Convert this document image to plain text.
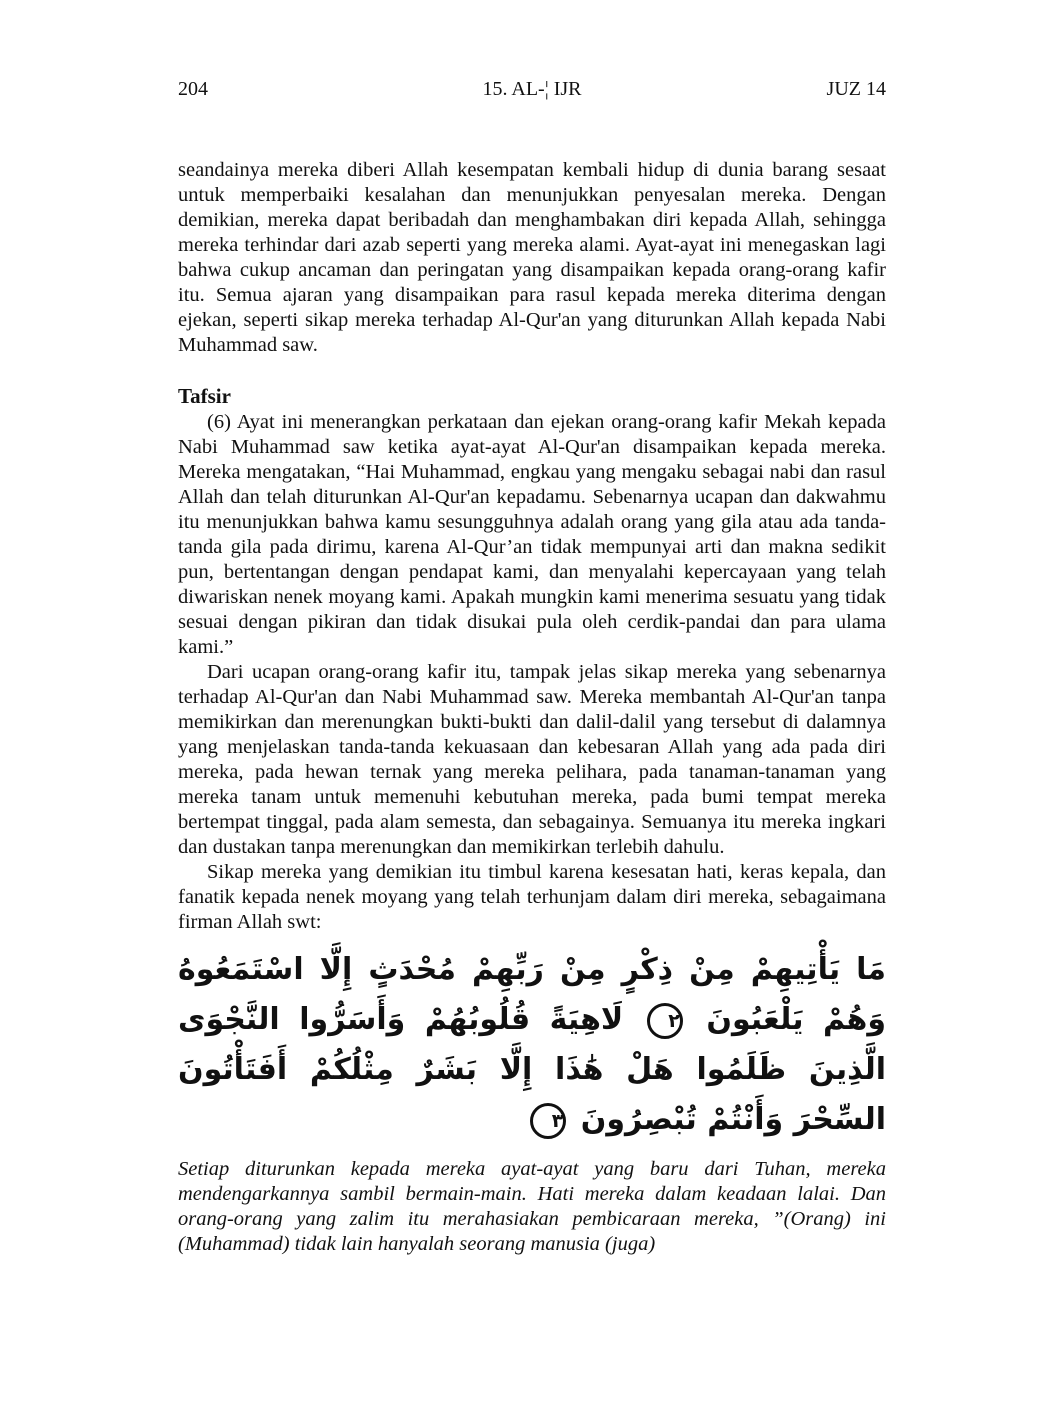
204	15. AL-¦ IJR	JUZ 14

seandainya mereka diberi Allah kesempatan kembali hidup di dunia barang sesaat untuk memperbaiki kesalahan dan menunjukkan penyesalan mereka. Dengan demikian, mereka dapat beribadah dan menghambakan diri kepada Allah, sehingga mereka terhindar dari azab seperti yang mereka alami. Ayat-ayat ini menegaskan lagi bahwa cukup ancaman dan peringatan yang disampaikan kepada orang-orang kafir itu. Semua ajaran yang disampaikan para rasul kepada mereka diterima dengan ejekan, seperti sikap mereka terhadap Al-Qur'an yang diturunkan Allah kepada Nabi Muhammad saw.

Tafsir

(6) Ayat ini menerangkan perkataan dan ejekan orang-orang kafir Mekah kepada Nabi Muhammad saw ketika ayat-ayat Al-Qur'an disampaikan kepada mereka. Mereka mengatakan, “Hai Muhammad, engkau yang mengaku sebagai nabi dan rasul Allah dan telah diturunkan Al-Qur'an kepadamu. Sebenarnya ucapan dan dakwahmu itu menunjukkan bahwa kamu sesungguhnya adalah orang yang gila atau ada tanda-tanda gila pada dirimu, karena Al-Qur’an tidak mempunyai arti dan makna sedikit pun, bertentangan dengan pendapat kami, dan menyalahi kepercayaan yang telah diwariskan nenek moyang kami. Apakah mungkin kami menerima sesuatu yang tidak sesuai dengan pikiran dan tidak disukai pula oleh cerdik-pandai dan para ulama kami.”

Dari ucapan orang-orang kafir itu, tampak jelas sikap mereka yang sebenarnya terhadap Al-Qur'an dan Nabi Muhammad saw. Mereka membantah Al-Qur'an tanpa memikirkan dan merenungkan bukti-bukti dan dalil-dalil yang tersebut di dalamnya yang menjelaskan tanda-tanda kekuasaan dan kebesaran Allah yang ada pada diri mereka, pada hewan ternak yang mereka pelihara, pada tanaman-tanaman yang mereka tanam untuk memenuhi kebutuhan mereka, pada bumi tempat mereka bertempat tinggal, pada alam semesta, dan sebagainya. Semuanya itu mereka ingkari dan dustakan tanpa merenungkan dan memikirkan terlebih dahulu.

Sikap mereka yang demikian itu timbul karena kesesatan hati, keras kepala, dan fanatik kepada nenek moyang yang telah terhunjam dalam diri mereka, sebagaimana firman Allah swt:

مَا يَأْتِيهِمْ مِنْ ذِكْرٍ مِنْ رَبِّهِمْ مُحْدَثٍ إِلَّا اسْتَمَعُوهُ وَهُمْ يَلْعَبُونَ ٢ لَاهِيَةً قُلُوبُهُمْ وَأَسَرُّوا النَّجْوَى الَّذِينَ ظَلَمُوا هَلْ هَٰذَا إِلَّا بَشَرٌ مِثْلُكُمْ أَفَتَأْتُونَ السِّحْرَ وَأَنْتُمْ تُبْصِرُونَ ٣

Setiap diturunkan kepada mereka ayat-ayat yang baru dari Tuhan, mereka mendengarkannya sambil bermain-main. Hati mereka dalam keadaan lalai. Dan orang-orang yang zalim itu merahasiakan pembicaraan mereka, ”(Orang) ini (Muhammad) tidak lain hanyalah seorang manusia (juga)
